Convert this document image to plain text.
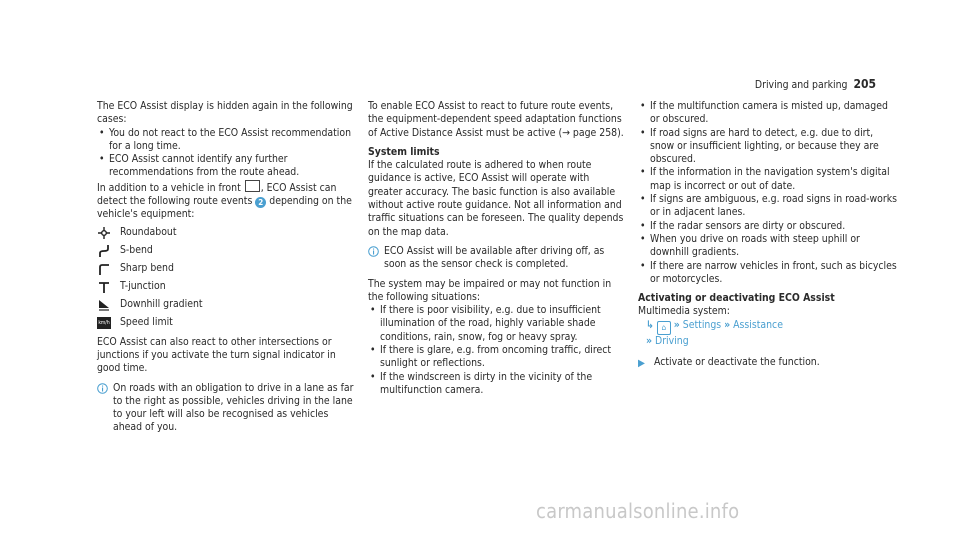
Driving and parking 205

The ECO Assist display is hidden again in the following cases:

• You do not react to the ECO Assist recommendation for a long time.
• ECO Assist cannot identify any further recommendations from the route ahead.

In addition to a vehicle in front , ECO Assist can detect the following route events 2 depending on the vehicle's equipment:

Roundabout
S-bend
Sharp bend
T-junction
Downhill gradient
km/h Speed limit

ECO Assist can also react to other intersections or junctions if you activate the turn signal indicator in good time.

On roads with an obligation to drive in a lane as far to the right as possible, vehicles driving in the lane to your left will also be recognised as vehicles ahead of you.

To enable ECO Assist to react to future route events, the equipment-dependent speed adaptation functions of Active Distance Assist must be active (→ page 258).

System limits

If the calculated route is adhered to when route guidance is active, ECO Assist will operate with greater accuracy. The basic function is also available without active route guidance. Not all information and traffic situations can be foreseen. The quality depends on the map data.

ECO Assist will be available after driving off, as soon as the sensor check is completed.

The system may be impaired or may not function in the following situations:

• If there is poor visibility, e.g. due to insufficient illumination of the road, highly variable shade conditions, rain, snow, fog or heavy spray.
• If there is glare, e.g. from oncoming traffic, direct sunlight or reflections.
• If the windscreen is dirty in the vicinity of the multifunction camera.
• If the multifunction camera is misted up, damaged or obscured.
• If road signs are hard to detect, e.g. due to dirt, snow or insufficient lighting, or because they are obscured.
• If the information in the navigation system's digital map is incorrect or out of date.
• If signs are ambiguous, e.g. road signs in road-works or in adjacent lanes.
• If the radar sensors are dirty or obscured.
• When you drive on roads with steep uphill or downhill gradients.
• If there are narrow vehicles in front, such as bicycles or motorcycles.

Activating or deactivating ECO Assist

Multimedia system:

↳ ⌂ » Settings » Assistance

» Driving

▶ Activate or deactivate the function.
carmanualsonline.info
